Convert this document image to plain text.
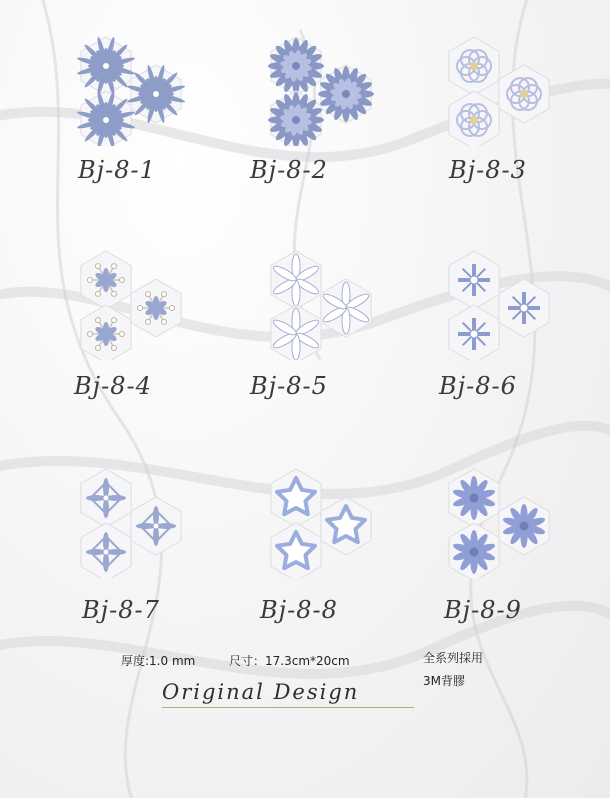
Bj-8-1	Bj-8-2	Bj-8-3
Bj-8-4	Bj-8-5	Bj-8-6
Bj-8-7	Bj-8-8	Bj-8-9
厚度:1.0 mm	尺寸：17.3cm*20cm	全系列採用
3M背膠
Original Design
